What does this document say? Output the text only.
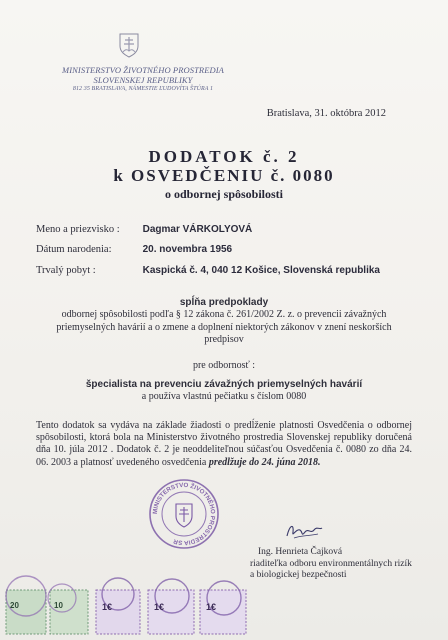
MINISTERSTVO ŽIVOTNÉHO PROSTREDIA
SLOVENSKEJ REPUBLIKY
812 35 BRATISLAVA, NÁMESTIE ĽUDOVÍTA ŠTÚRA 1
Bratislava, 31. októbra 2012
DODATOK č. 2
k OSVEDČENIU č. 0080
o odbornej spôsobilosti
Meno a priezvisko : Dagmar VÁRKOLYOVÁ
Dátum narodenia:	20. novembra 1956
Trvalý pobyt :	Kaspická č. 4, 040 12 Košice, Slovenská republika
spĺňa predpoklady
odbornej spôsobilosti podľa § 12 zákona č. 261/2002 Z. z. o prevencii závažných priemyselných havárií a o zmene a doplnení niektorých zákonov v znení neskorších predpisov
pre odbornosť :
špecialista na prevenciu závažných priemyselných havárií
a používa vlastnú pečiatku s číslom 0080
Tento dodatok sa vydáva na základe žiadosti o predĺženie platnosti Osvedčenia o odbornej spôsobilosti, ktorá bola na Ministerstvo životného prostredia Slovenskej republiky doručená dňa 10. júla 2012 . Dodatok č. 2 je neoddeliteľnou súčasťou Osvedčenia č. 0080 zo dňa 24. 06. 2003 a platnosť uvedeného osvedčenia predlžuje do 24. júna 2018.
MINISTERSTVO ŽIVOTNÉHO PROSTREDIA SR
Ing. Henrieta Čajková
riaditeľka odboru environmentálnych rizík
a biologickej bezpečnosti
20	10	1€	1€	1€
